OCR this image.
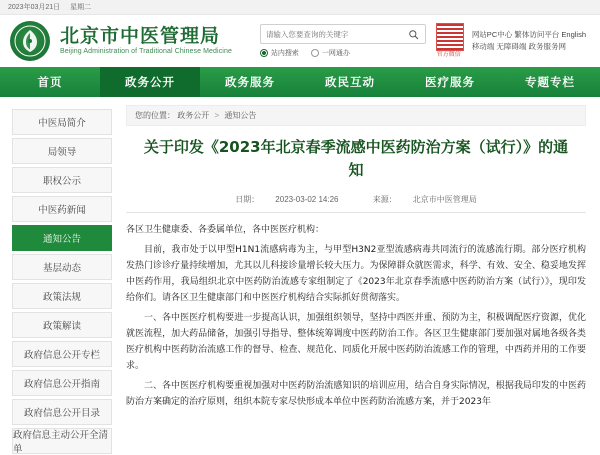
2023年03月21日 星期二
北京市中医管理局
Beijing Administration of Traditional Chinese Medicine
请输入您要查询的关键字	站内搜索	一网通办	官方微信
网站PC中心 繁体访问平台 English
移动端 无障碍端 政务服务网
首页	政务公开	政务服务	政民互动	医疗服务	专题专栏
中医局简介
局领导
职权公示
中医药新闻
通知公告
基层动态
政策法规
政策解读
政府信息公开专栏
政府信息公开指南
政府信息公开目录
政府信息主动公开全清单
您的位置： 政务公开 > 通知公告
关于印发《2023年北京春季流感中医药防治方案（试行）》的通知
日期： 2023-03-02 14:26	来源： 北京市中医管理局

各区卫生健康委、各委属单位，各中医医疗机构：

目前，我市处于以甲型H1N1流感病毒为主，与甲型H3N2亚型流感病毒共同流行的流感流行期。部分医疗机构发热门诊诊疗量持续增加，尤其以儿科接诊量增长较大压力。为保障群众就医需求，科学、有效、安全、稳妥地发挥中医药作用，我局组织北京中医药防治流感专家组制定了《2023年北京春季流感中医药防治方案（试行）》，现印发给你们。请各区卫生健康部门和中医医疗机构结合实际抓好贯彻落实。

一、各中医医疗机构要进一步提高认识，加强组织领导，坚持中西医并重、预防为主，积极调配医疗资源，优化就医流程，加大药品储备，加强引导指导、整体统筹调度中医药防治工作。各区卫生健康部门要加强对属地各级各类医疗机构中医药防治流感工作的督导、检查、规范化、同质化开展中医药防治流感工作的管理，中西药并用的工作要求。

二、各中医医疗机构要重视加强对中医药防治流感知识的培训应用，结合自身实际情况，根据我局印发的中医药防治方案确定的治疗原则，组织本院专家尽快形成本单位中医药防治流感方案，并于2023年
